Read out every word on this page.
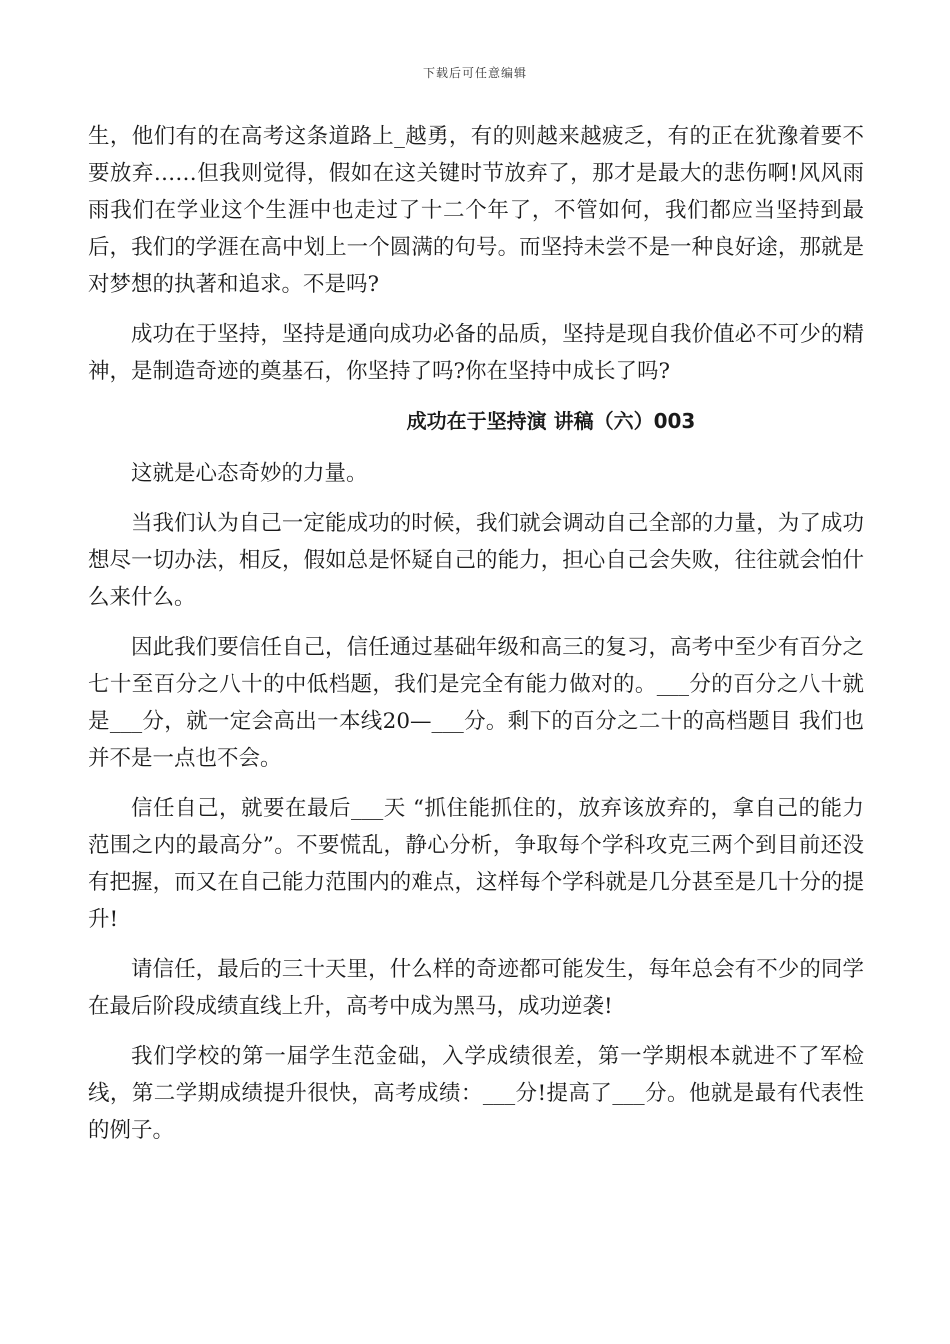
下载后可任意编辑

生，他们有的在高考这条道路上_越勇，有的则越来越疲乏，有的正在犹豫着要不要放弃……但我则觉得，假如在这关键时节放弃了，那才是最大的悲伤啊!风风雨雨我们在学业这个生涯中也走过了十二个年了，不管如何，我们都应当坚持到最后，我们的学涯在高中划上一个圆满的句号。而坚持未尝不是一种良好途，那就是对梦想的执著和追求。不是吗?

成功在于坚持，坚持是通向成功必备的品质，坚持是现自我价值必不可少的精神，是制造奇迹的奠基石，你坚持了吗?你在坚持中成长了吗?

成功在于坚持演 讲稿（六）003

这就是心态奇妙的力量。

当我们认为自己一定能成功的时候，我们就会调动自己全部的力量，为了成功想尽一切办法，相反，假如总是怀疑自己的能力，担心自己会失败，往往就会怕什么来什么。

因此我们要信任自己，信任通过基础年级和高三的复习，高考中至少有百分之七十至百分之八十的中低档题，我们是完全有能力做对的。___分的百分之八十就是___分，就一定会高出一本线20—___分。剩下的百分之二十的高档题目 我们也并不是一点也不会。

信任自己，就要在最后___天 “抓住能抓住的，放弃该放弃的，拿自己的能力范围之内的最高分”。不要慌乱，静心分析，争取每个学科攻克三两个到目前还没有把握，而又在自己能力范围内的难点，这样每个学科就是几分甚至是几十分的提升!

请信任，最后的三十天里，什么样的奇迹都可能发生，每年总会有不少的同学 在最后阶段成绩直线上升，高考中成为黑马，成功逆袭!

我们学校的第一届学生范金础，入学成绩很差，第一学期根本就进不了军检线，第二学期成绩提升很快，高考成绩：___分!提高了___分。他就是最有代表性的例子。
